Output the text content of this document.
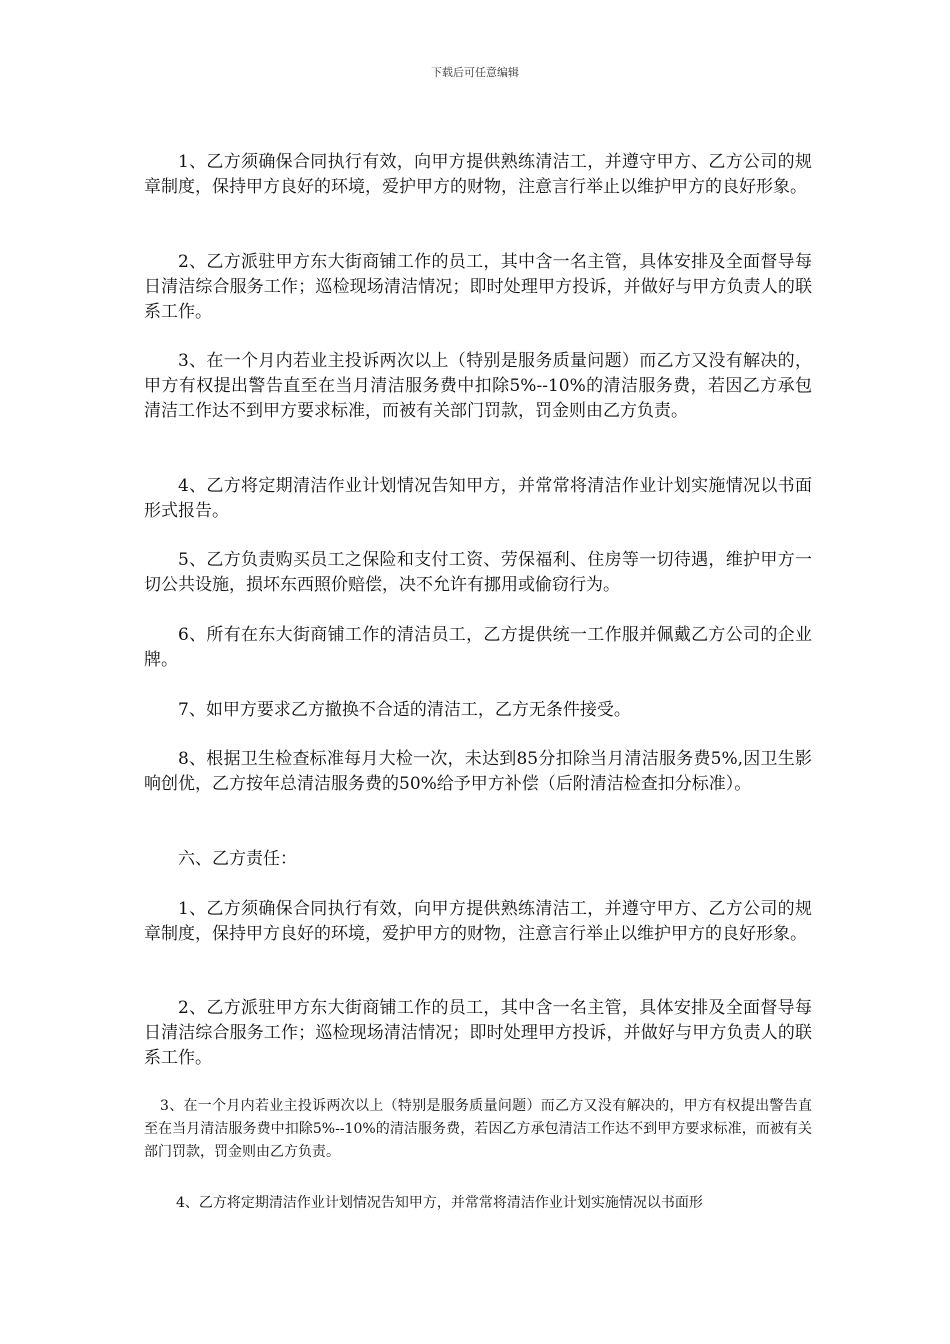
下载后可任意编辑

1、乙方须确保合同执行有效，向甲方提供熟练清洁工，并遵守甲方、乙方公司的规章制度，保持甲方良好的环境，爱护甲方的财物，注意言行举止以维护甲方的良好形象。

2、乙方派驻甲方东大街商铺工作的员工，其中含一名主管，具体安排及全面督导每日清洁综合服务工作；巡检现场清洁情况；即时处理甲方投诉，并做好与甲方负责人的联系工作。

3、在一个月内若业主投诉两次以上（特别是服务质量问题）而乙方又没有解决的，甲方有权提出警告直至在当月清洁服务费中扣除5%--10%的清洁服务费，若因乙方承包清洁工作达不到甲方要求标准，而被有关部门罚款，罚金则由乙方负责。

4、乙方将定期清洁作业计划情况告知甲方，并常常将清洁作业计划实施情况以书面形式报告。

5、乙方负责购买员工之保险和支付工资、劳保福利、住房等一切待遇，维护甲方一切公共设施，损坏东西照价赔偿，决不允许有挪用或偷窃行为。

6、所有在东大街商铺工作的清洁员工，乙方提供统一工作服并佩戴乙方公司的企业牌。

7、如甲方要求乙方撤换不合适的清洁工，乙方无条件接受。

8、根据卫生检查标准每月大检一次，未达到85分扣除当月清洁服务费5%,因卫生影响创优，乙方按年总清洁服务费的50%给予甲方补偿（后附清洁检查扣分标准）。

六、乙方责任：

1、乙方须确保合同执行有效，向甲方提供熟练清洁工，并遵守甲方、乙方公司的规章制度，保持甲方良好的环境，爱护甲方的财物，注意言行举止以维护甲方的良好形象。

2、乙方派驻甲方东大街商铺工作的员工，其中含一名主管，具体安排及全面督导每日清洁综合服务工作；巡检现场清洁情况；即时处理甲方投诉，并做好与甲方负责人的联系工作。

3、在一个月内若业主投诉两次以上（特别是服务质量问题）而乙方又没有解决的，甲方有权提出警告直至在当月清洁服务费中扣除5%--10%的清洁服务费，若因乙方承包清洁工作达不到甲方要求标准，而被有关部门罚款，罚金则由乙方负责。

4、乙方将定期清洁作业计划情况告知甲方，并常常将清洁作业计划实施情况以书面形
